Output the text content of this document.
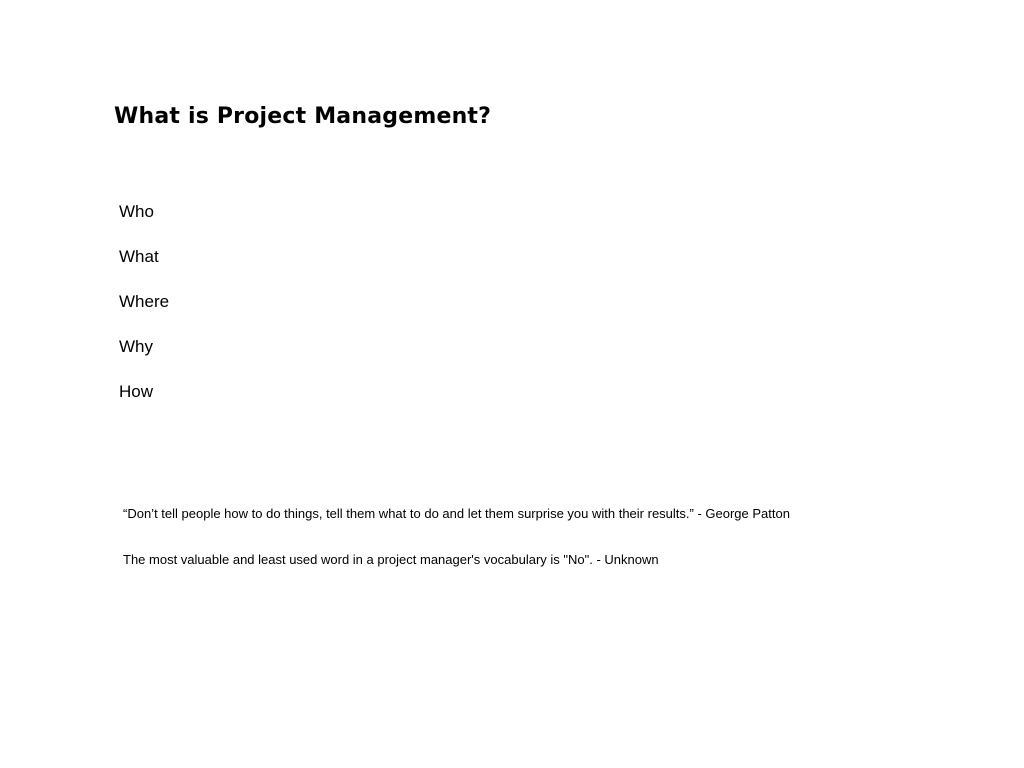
What is Project Management?
Who
What
Where
Why
How

“Don’t tell people how to do things, tell them what to do and let them surprise you with their results.” - George Patton

The most valuable and least used word in a project manager's vocabulary is "No". - Unknown
